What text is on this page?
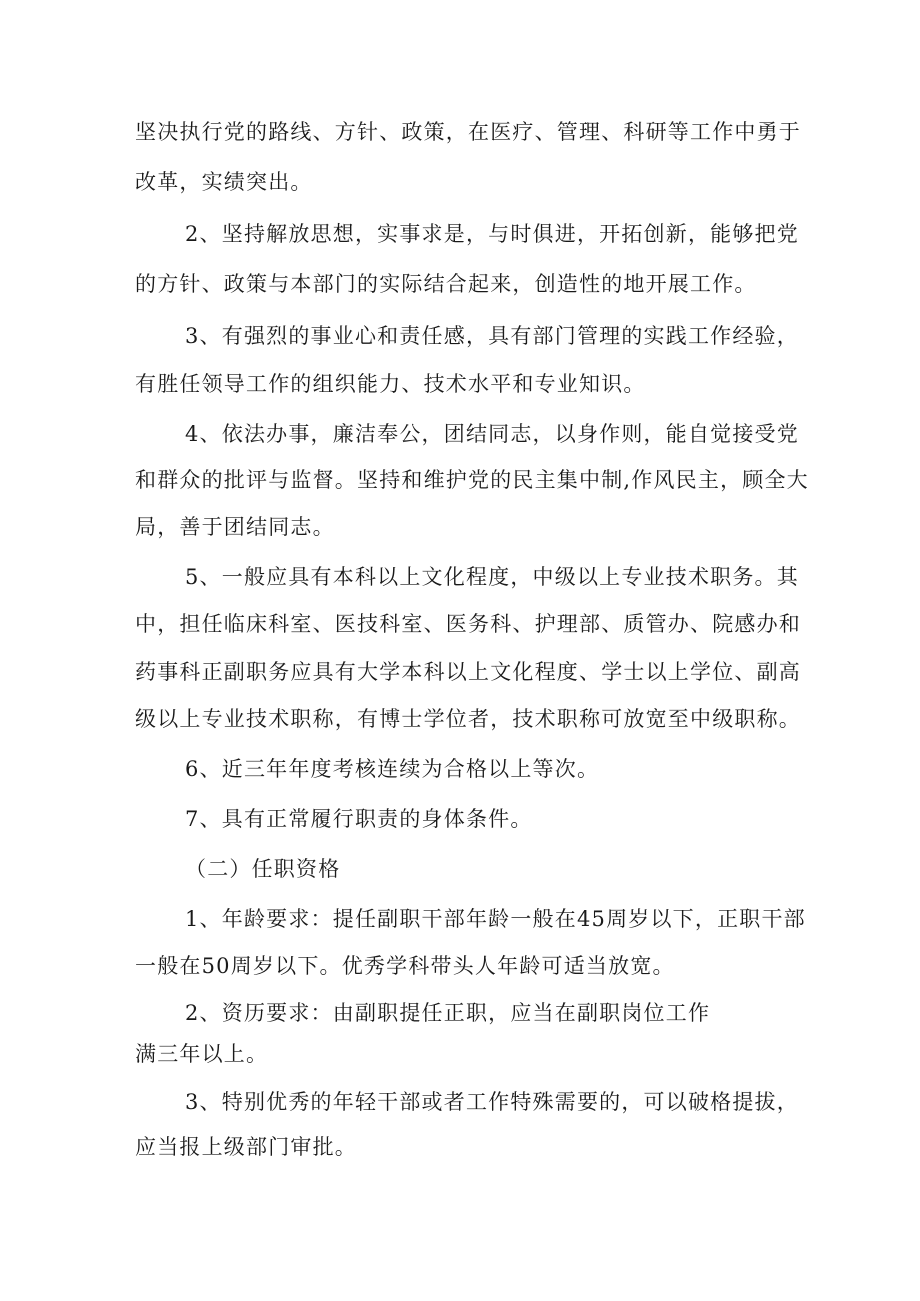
坚决执行党的路线、方针、政策，在医疗、管理、科研等工作中勇于
改革，实绩突出。
2、坚持解放思想，实事求是，与时俱进，开拓创新，能够把党
的方针、政策与本部门的实际结合起来，创造性的地开展工作。
3、有强烈的事业心和责任感，具有部门管理的实践工作经验，
有胜任领导工作的组织能力、技术水平和专业知识。
4、依法办事，廉洁奉公，团结同志，以身作则，能自觉接受党
和群众的批评与监督。坚持和维护党的民主集中制,作风民主，顾全大
局，善于团结同志。
5、一般应具有本科以上文化程度，中级以上专业技术职务。其
中，担任临床科室、医技科室、医务科、护理部、质管办、院感办和
药事科正副职务应具有大学本科以上文化程度、学士以上学位、副高
级以上专业技术职称，有博士学位者，技术职称可放宽至中级职称。
6、近三年年度考核连续为合格以上等次。
7、具有正常履行职责的身体条件。
（二）任职资格
1、年龄要求：提任副职干部年龄一般在45周岁以下，正职干部
一般在50周岁以下。优秀学科带头人年龄可适当放宽。
2、资历要求：由副职提任正职，应当在副职岗位工作
满三年以上。
3、特别优秀的年轻干部或者工作特殊需要的，可以破格提拔，
应当报上级部门审批。
